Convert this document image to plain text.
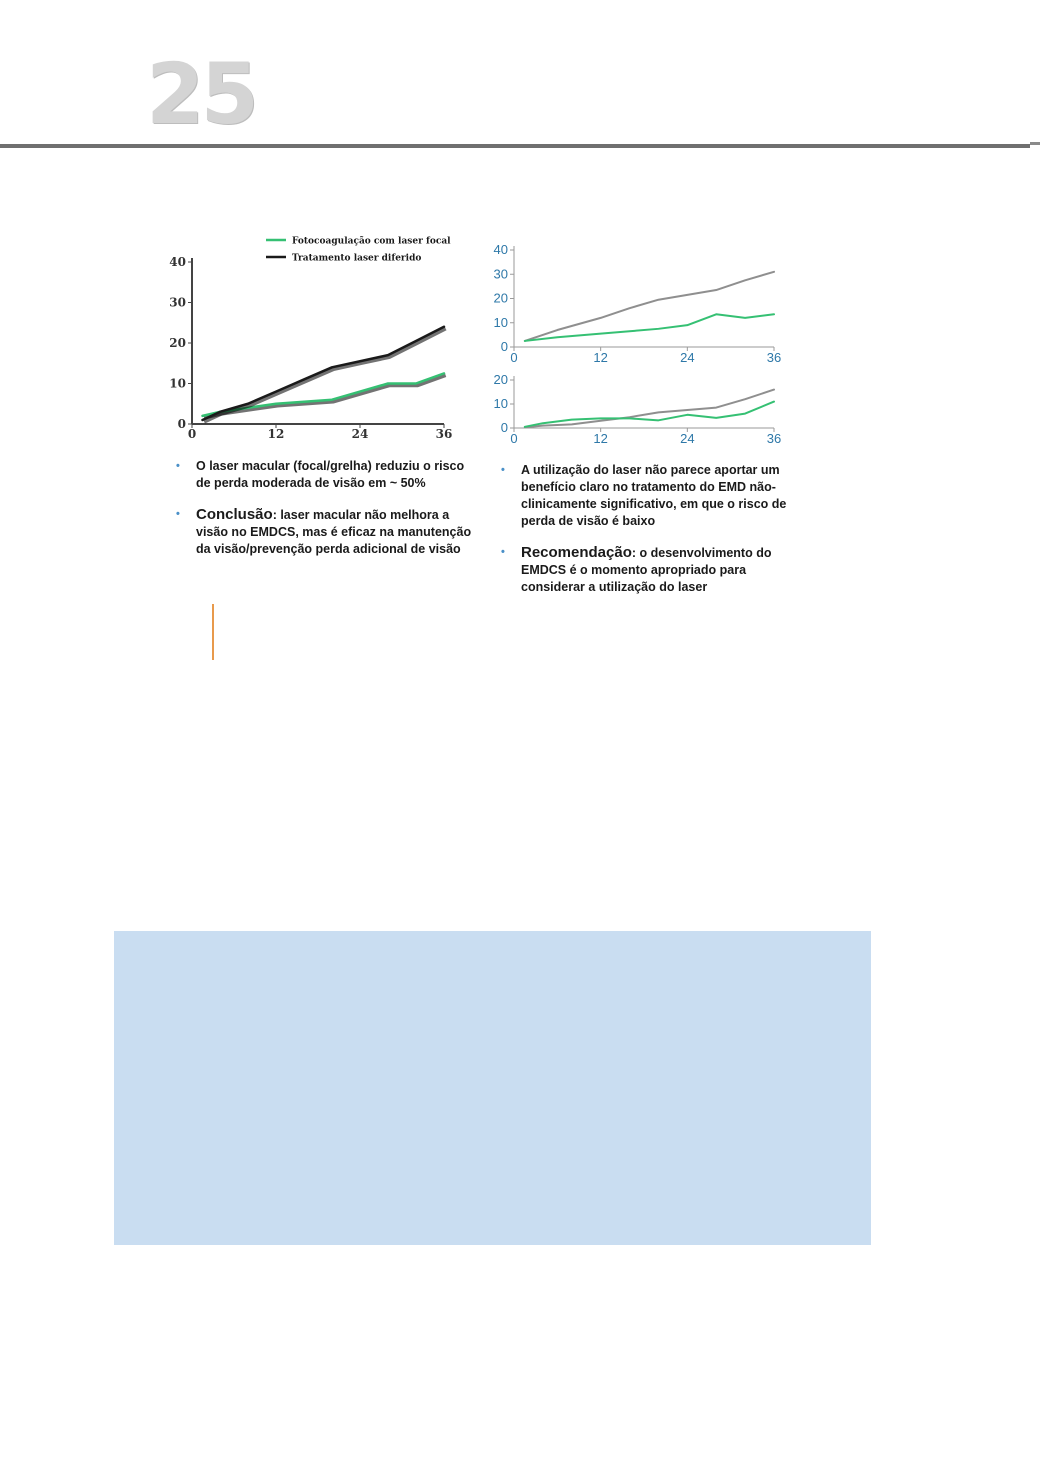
25
0
10
20
30
40
0	12	24	36
Fotocoagulação com laser focal
Tratamento laser diferido
0
10
20
30
40
0	12	24	36
0
10
20
0	12	24	36
• O laser macular (focal/grelha) reduziu o risco de perda moderada de visão em ~ 50%
• Conclusão: laser macular não melhora a visão no EMDCS, mas é eficaz na manutenção da visão/prevenção perda adicional de visão
• A utilização do laser não parece aportar um benefício claro no tratamento do EMD não-clinicamente significativo, em que o risco de perda de visão é baixo
• Recomendação: o desenvolvimento do EMDCS é o momento apropriado para considerar a utilização do laser
